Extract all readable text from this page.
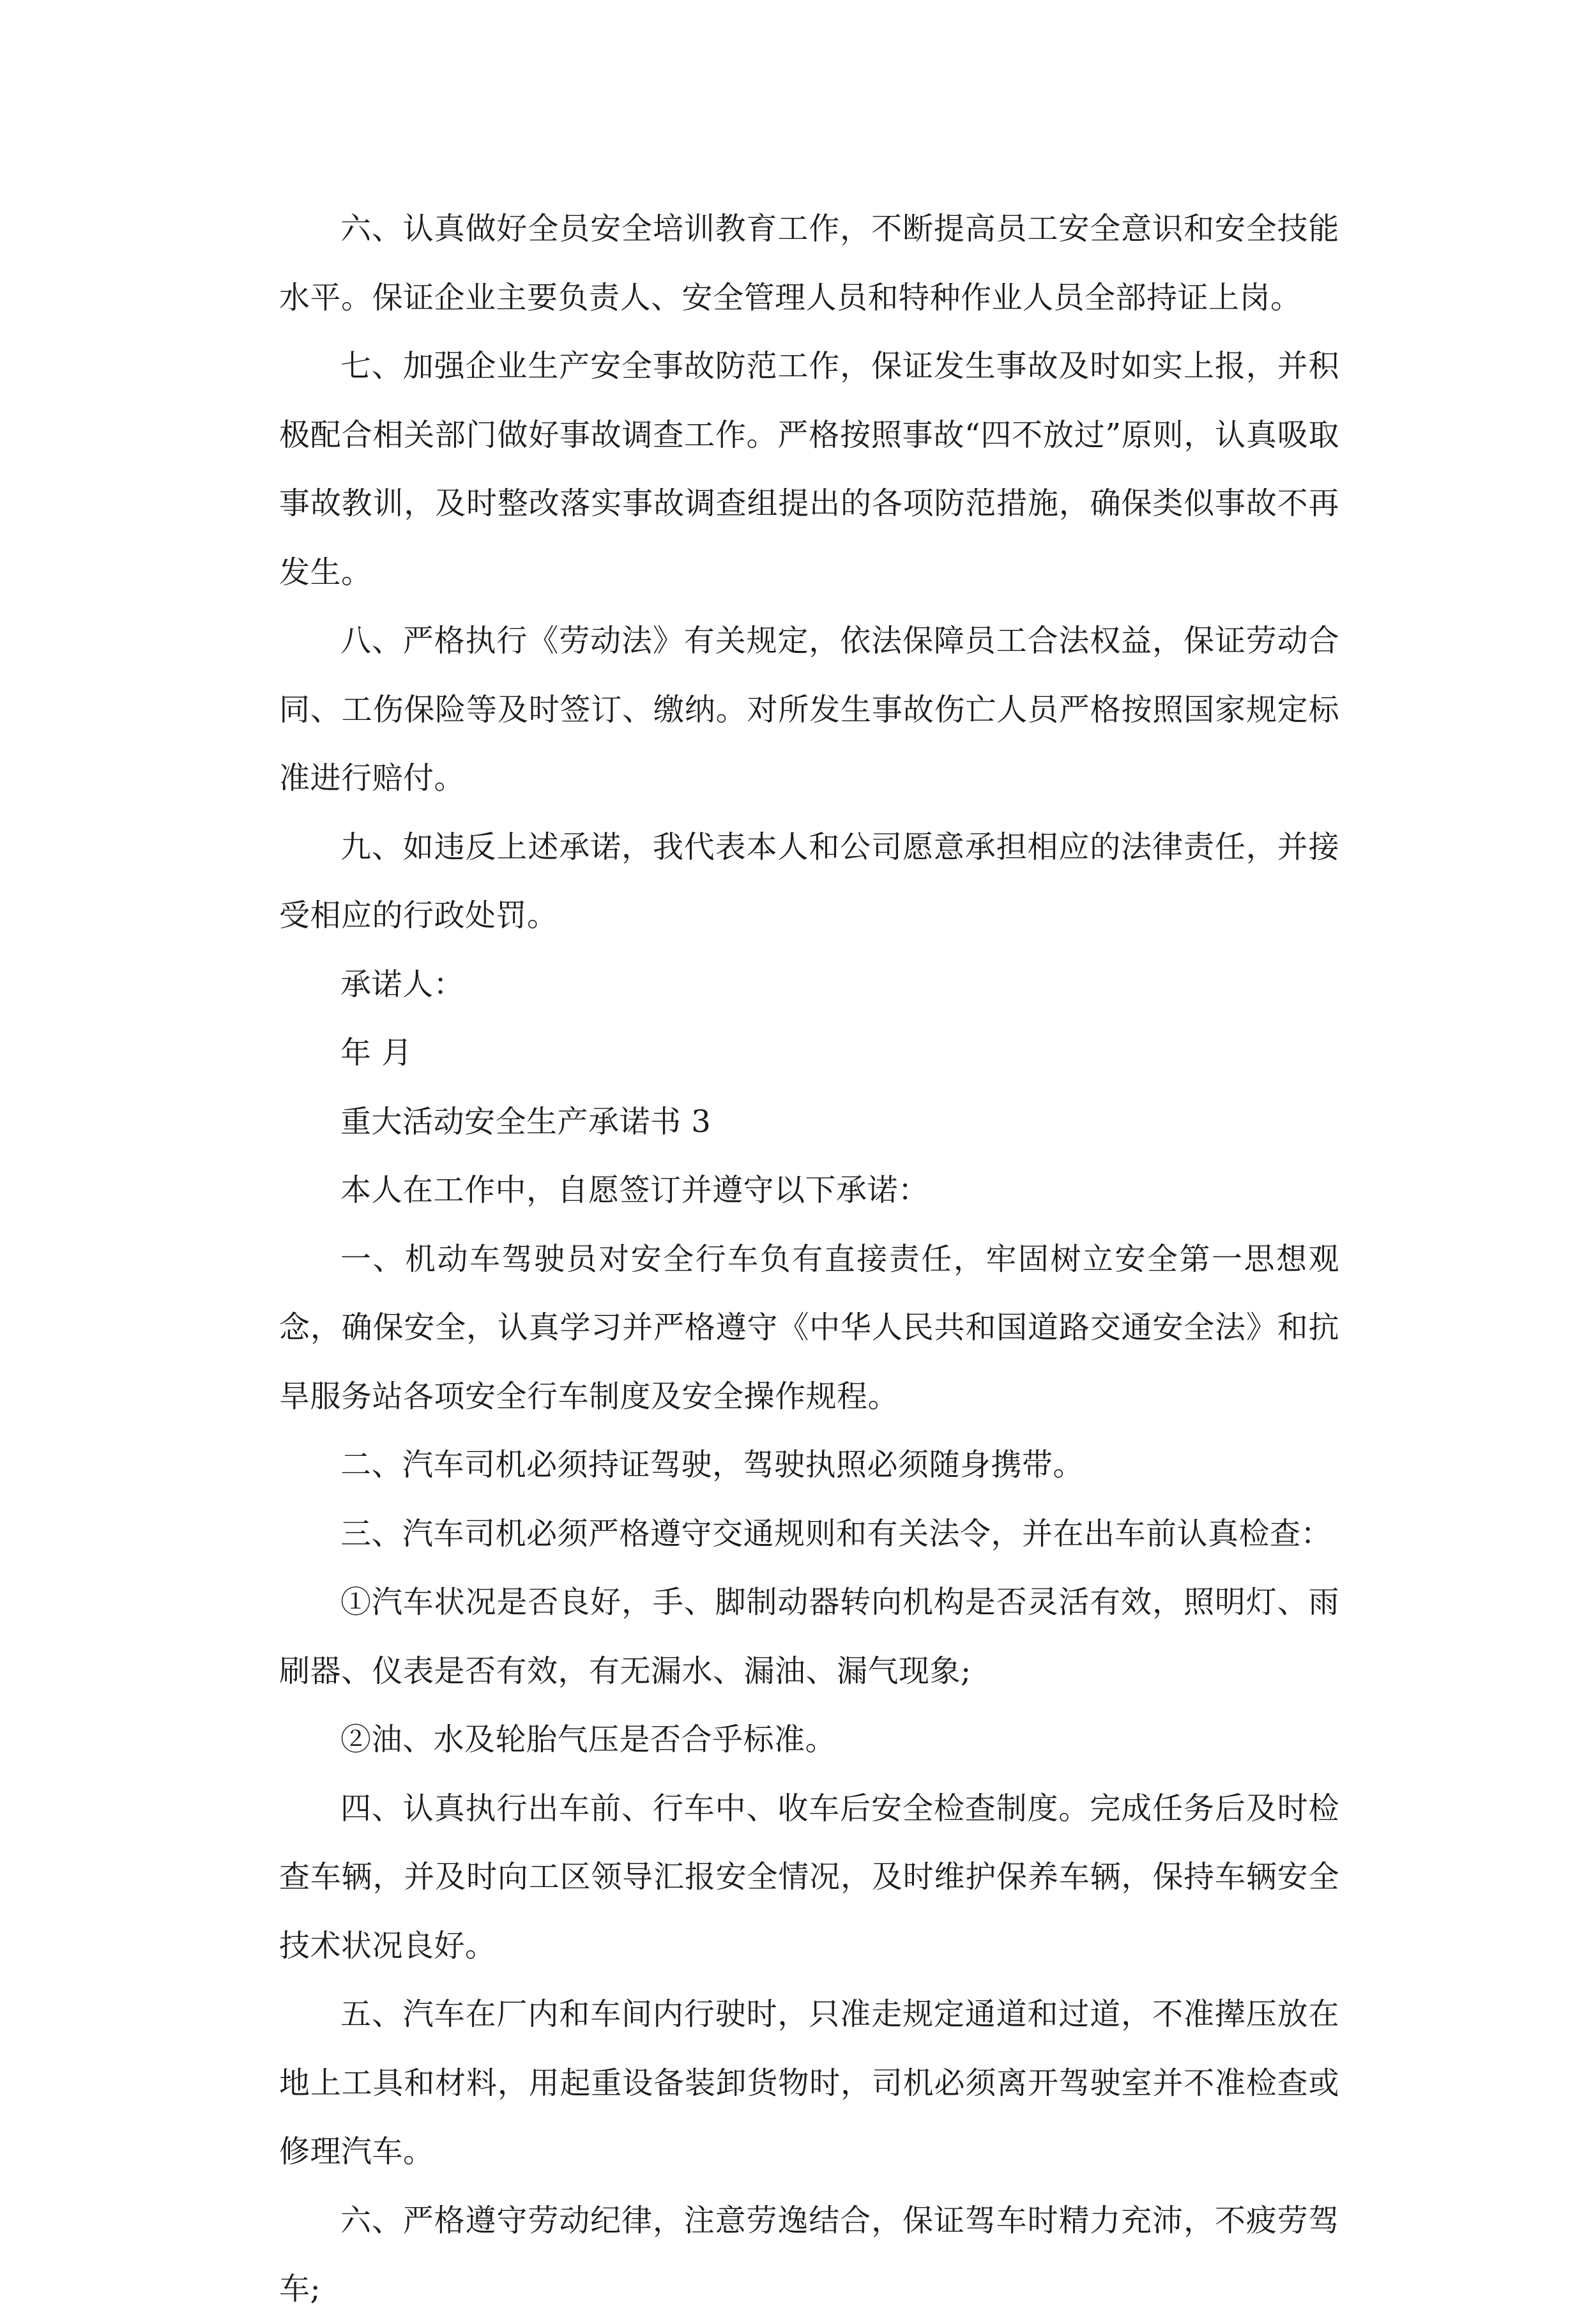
六、认真做好全员安全培训教育工作，不断提高员工安全意识和安全技能水平。保证企业主要负责人、安全管理人员和特种作业人员全部持证上岗。

七、加强企业生产安全事故防范工作，保证发生事故及时如实上报，并积极配合相关部门做好事故调查工作。严格按照事故“四不放过”原则，认真吸取事故教训，及时整改落实事故调查组提出的各项防范措施，确保类似事故不再发生。

八、严格执行《劳动法》有关规定，依法保障员工合法权益，保证劳动合同、工伤保险等及时签订、缴纳。对所发生事故伤亡人员严格按照国家规定标准进行赔付。

九、如违反上述承诺，我代表本人和公司愿意承担相应的法律责任，并接受相应的行政处罚。

承诺人：

年 月

重大活动安全生产承诺书 3

本人在工作中，自愿签订并遵守以下承诺：

一、机动车驾驶员对安全行车负有直接责任，牢固树立安全第一思想观念，确保安全，认真学习并严格遵守《中华人民共和国道路交通安全法》和抗旱服务站各项安全行车制度及安全操作规程。

二、汽车司机必须持证驾驶，驾驶执照必须随身携带。

三、汽车司机必须严格遵守交通规则和有关法令，并在出车前认真检查：

①汽车状况是否良好，手、脚制动器转向机构是否灵活有效，照明灯、雨刷器、仪表是否有效，有无漏水、漏油、漏气现象;

②油、水及轮胎气压是否合乎标准。

四、认真执行出车前、行车中、收车后安全检查制度。完成任务后及时检查车辆，并及时向工区领导汇报安全情况，及时维护保养车辆，保持车辆安全技术状况良好。

五、汽车在厂内和车间内行驶时，只准走规定通道和过道，不准撵压放在地上工具和材料，用起重设备装卸货物时，司机必须离开驾驶室并不准检查或修理汽车。

六、严格遵守劳动纪律，注意劳逸结合，保证驾车时精力充沛，不疲劳驾车;
